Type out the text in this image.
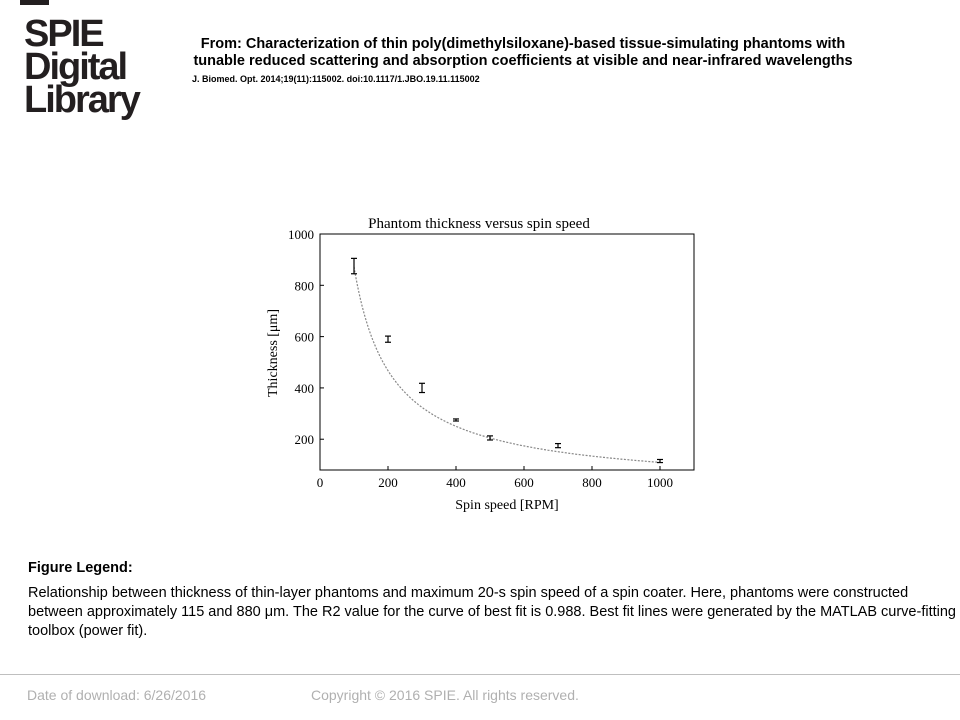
SPIE
Digital
Library
From: Characterization of thin poly(dimethylsiloxane)-based tissue-simulating phantoms with tunable reduced scattering and absorption coefficients at visible and near-infrared wavelengths
J. Biomed. Opt. 2014;19(11):115002. doi:10.1117/1.JBO.19.11.115002
Phantom thickness versus spin speed
0	200	400	600	800	1000
200
400
600
800
1000
Spin speed [RPM]
Thickness [μm]
Figure Legend:
Relationship between thickness of thin-layer phantoms and maximum 20-s spin speed of a spin coater. Here, phantoms were constructed between approximately 115 and 880 μm. The R2 value for the curve of best fit is 0.988. Best fit lines were generated by the MATLAB curve-fitting toolbox (power fit).
Date of download: 6/26/2016	Copyright © 2016 SPIE. All rights reserved.
